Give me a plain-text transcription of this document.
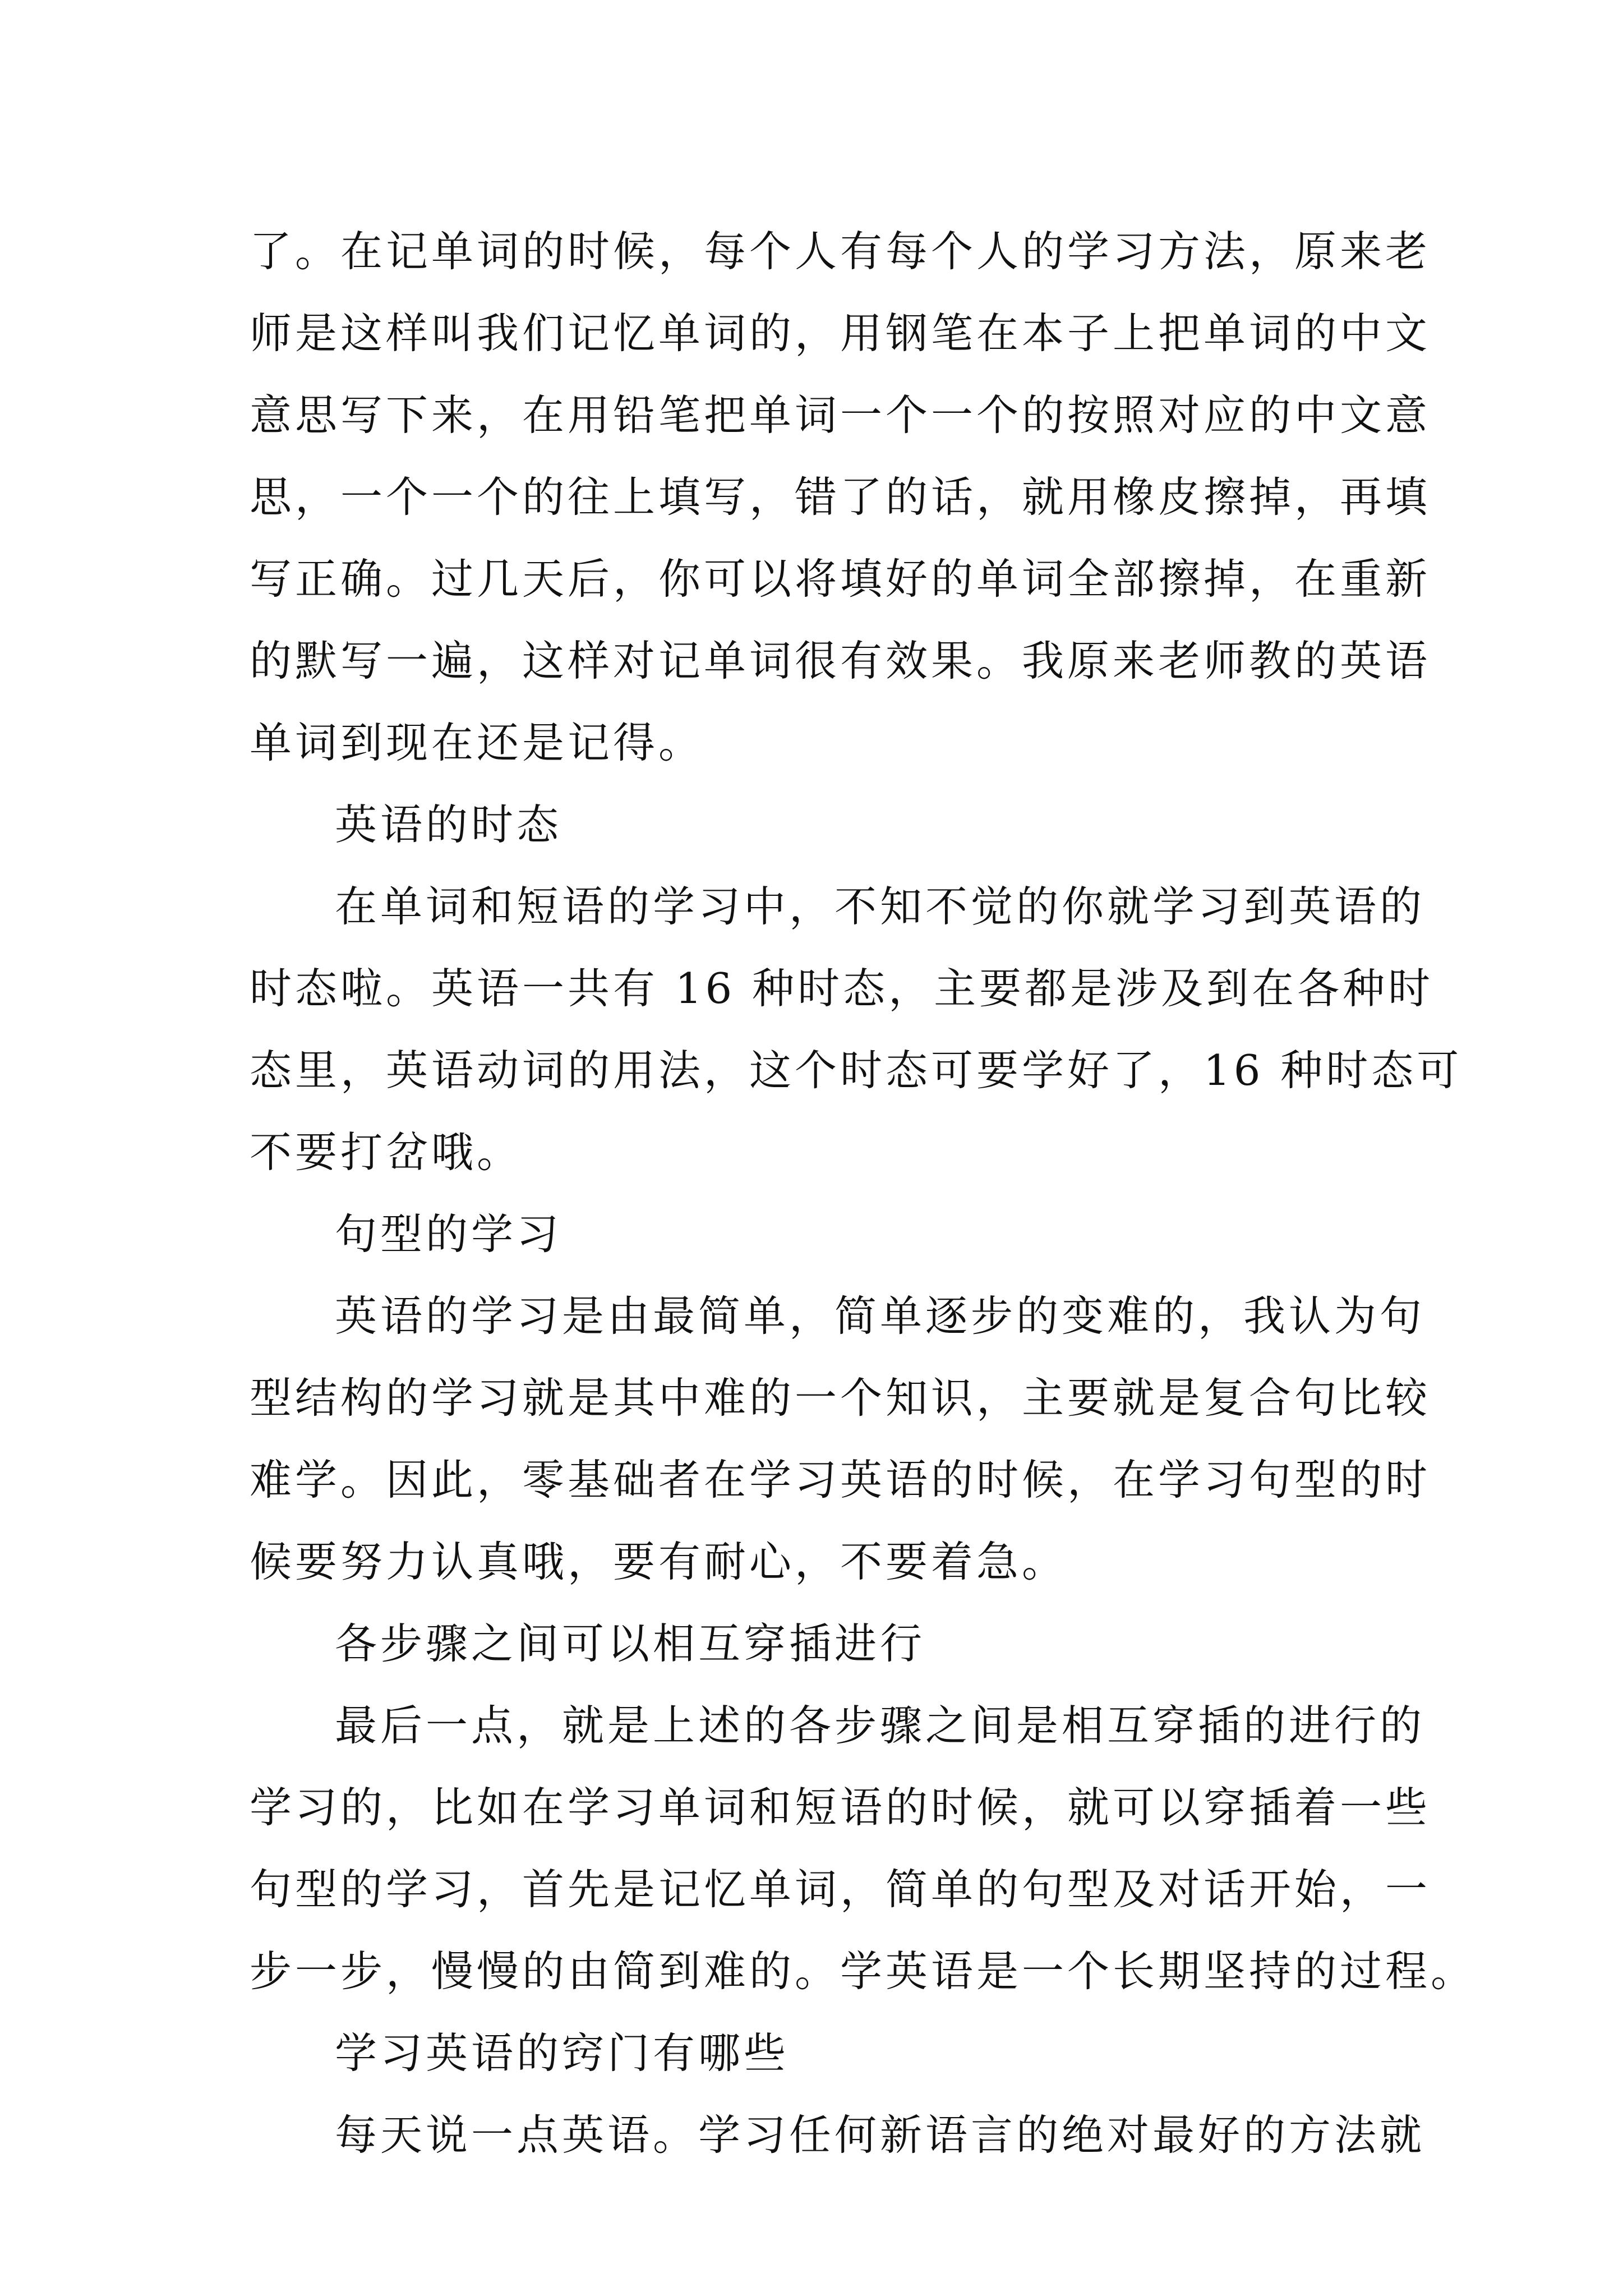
了。在记单词的时候，每个人有每个人的学习方法，原来老
师是这样叫我们记忆单词的，用钢笔在本子上把单词的中文
意思写下来，在用铅笔把单词一个一个的按照对应的中文意
思，一个一个的往上填写，错了的话，就用橡皮擦掉，再填
写正确。过几天后，你可以将填好的单词全部擦掉，在重新
的默写一遍，这样对记单词很有效果。我原来老师教的英语
单词到现在还是记得。
英语的时态
在单词和短语的学习中，不知不觉的你就学习到英语的
时态啦。英语一共有 16 种时态，主要都是涉及到在各种时
态里，英语动词的用法，这个时态可要学好了，16 种时态可
不要打岔哦。
句型的学习
英语的学习是由最简单，简单逐步的变难的，我认为句
型结构的学习就是其中难的一个知识，主要就是复合句比较
难学。因此，零基础者在学习英语的时候，在学习句型的时
候要努力认真哦，要有耐心，不要着急。
各步骤之间可以相互穿插进行
最后一点，就是上述的各步骤之间是相互穿插的进行的
学习的，比如在学习单词和短语的时候，就可以穿插着一些
句型的学习，首先是记忆单词，简单的句型及对话开始，一
步一步，慢慢的由简到难的。学英语是一个长期坚持的过程。
学习英语的窍门有哪些
每天说一点英语。学习任何新语言的绝对最好的方法就
